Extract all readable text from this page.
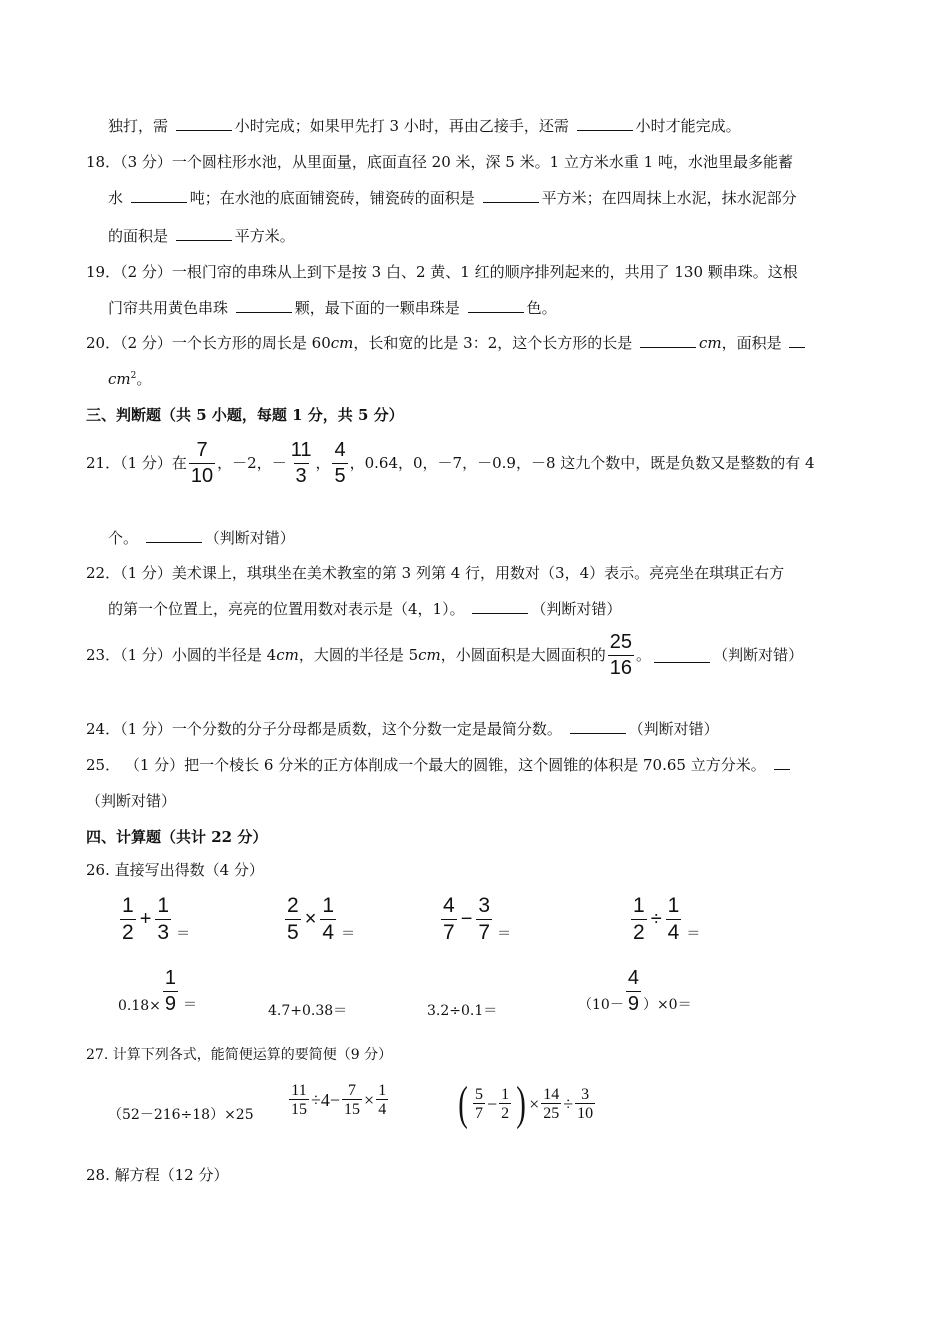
独打，需	小时完成；如果甲先打 3 小时，再由乙接手，还需	小时才能完成。
18．（3 分）一个圆柱形水池，从里面量，底面直径 20 米，深 5 米。1 立方米水重 1 吨，水池里最多能蓄
水	吨；在水池的底面铺瓷砖，铺瓷砖的面积是	平方米；在四周抹上水泥，抹水泥部分
的面积是	平方米。
19．（2 分）一根门帘的串珠从上到下是按 3 白、2 黄、1 红的顺序排列起来的，共用了 130 颗串珠。这根
门帘共用黄色串珠	颗，最下面的一颗串珠是	色。
20．（2 分）一个长方形的周长是 60cm，长和宽的比是 3：2，这个长方形的长是	cm，面积是
$cm^2$。
三、判断题（共 5 小题，每题 1 分，共 5 分）
21．（1 分）在 $\frac{7}{10}$ ，－2，－ $\frac{11}{3}$ ， $\frac{4}{5}$ ，0.64，0，－7，－0.9，－8 这九个数中，既是负数又是整数的有 4
个。	（判断对错）
22．（1 分）美术课上，琪琪坐在美术教室的第 3 列第 4 行，用数对（3，4）表示。亮亮坐在琪琪正右方
的第一个位置上，亮亮的位置用数对表示是（4，1）。	（判断对错）
23．（1 分）小圆的半径是 4 cm ，大圆的半径是 5 cm ，小圆面积是大圆面积的 $\frac{25}{16}$ 。	（判断对错）
24．（1 分）一个分数的分子分母都是质数，这个分数一定是最简分数。	（判断对错）
25． （1 分）把一个棱长 6 分米的正方体削成一个最大的圆锥，这个圆锥的体积是 70.65 立方分米。
（判断对错）
四、计算题（共计 22 分）
26. 直接写出得数（4 分）
$\frac{1}{2} + \frac{1}{3}$ ＝	$\frac{2}{5} \times \frac{1}{4}$ ＝	$\frac{4}{7} - \frac{3}{7}$ ＝	$\frac{1}{2} \div \frac{1}{4}$ ＝
$0.18\times \frac{1}{9}$ ＝	4.7+0.38＝	3.2÷0.1＝	$(10- \frac{4}{9} )\times 0=$
27. 计算下列各式，能简便运算的要简便（9 分）
$(52-216\div 18)\times 25 \frac{11}{15} \div 4- \frac{7}{15} \times \frac{1}{4}$ ( $\frac{5}{7} - \frac{1}{2}$ ) × $\frac{14}{25} \div \frac{3}{10}$
28. 解方程（12 分）
